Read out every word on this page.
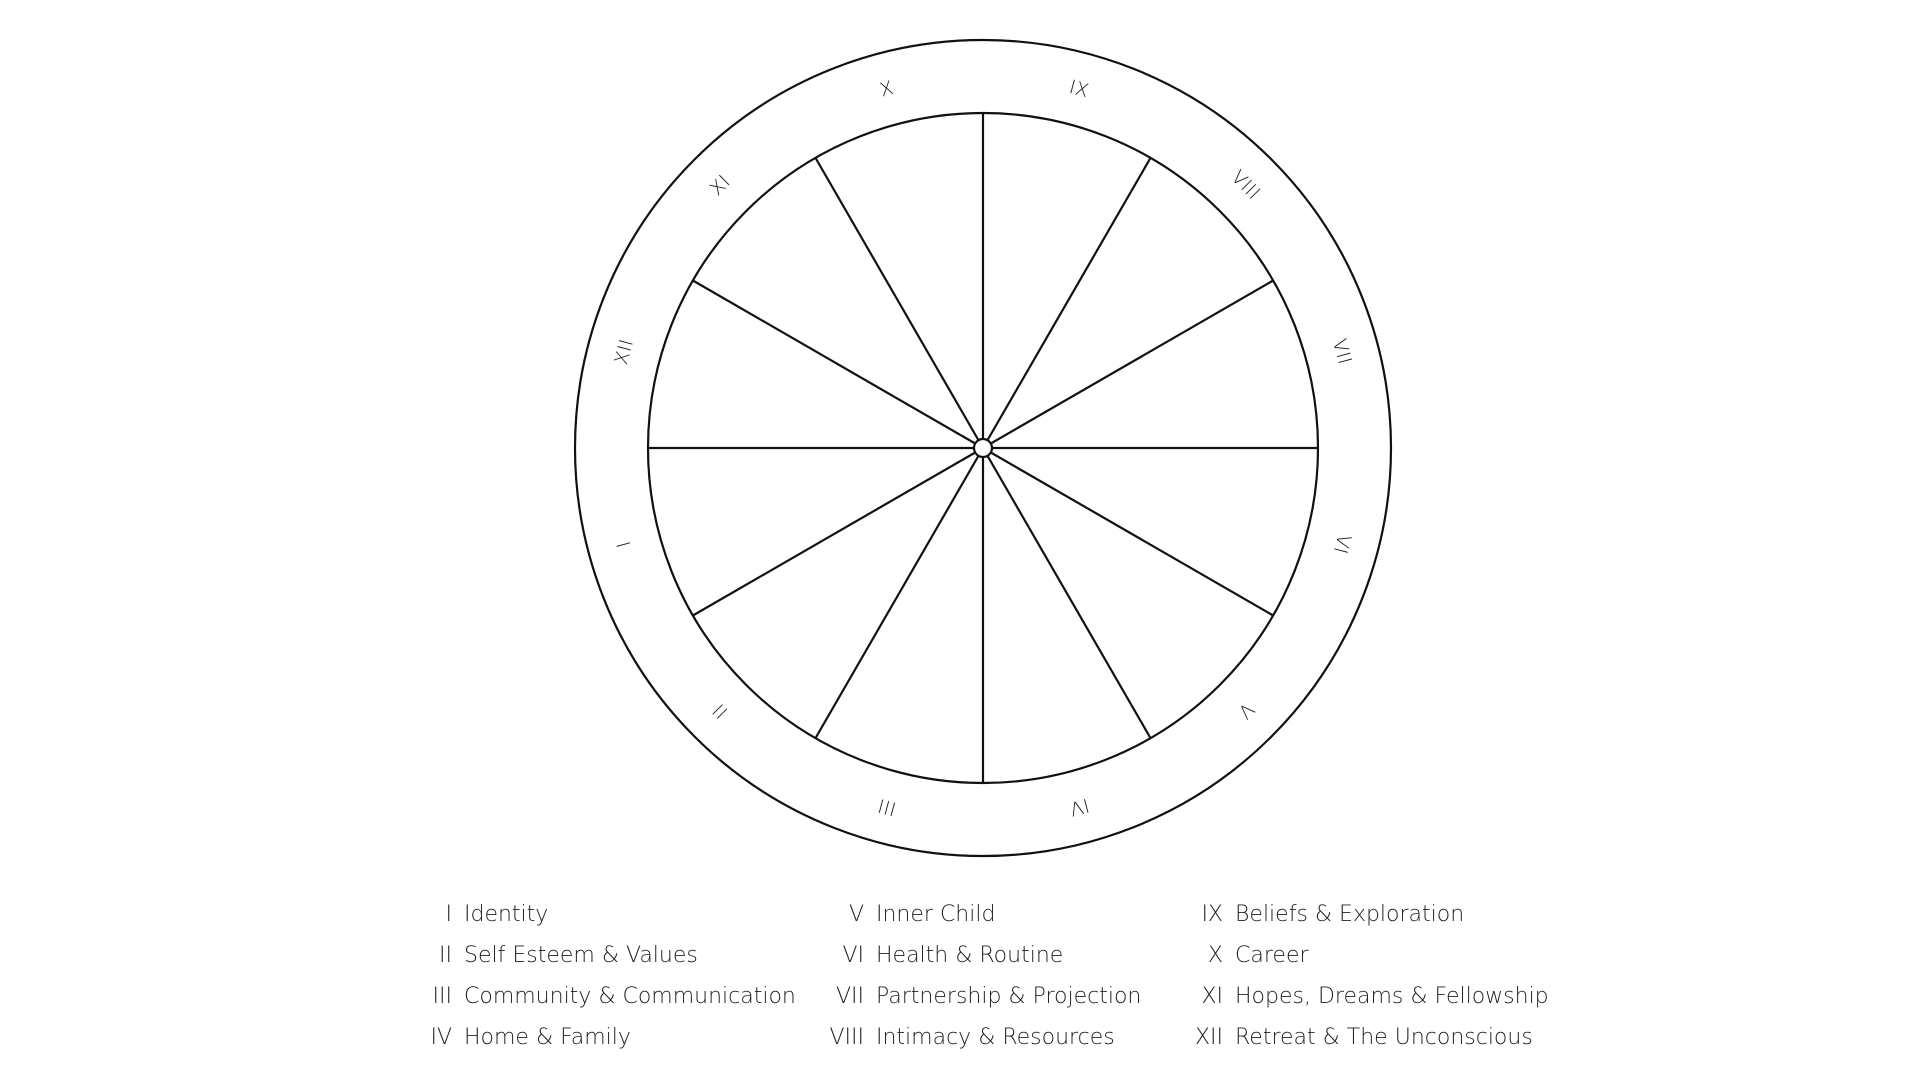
I
II
III	IV
V
VI
VII
VIII
IX
X
XI
XII
I Identity
II Self Esteem & Values
III Community & Communication
IV Home & Family
V Inner Child
VI Health & Routine
VII Partnership & Projection
VIII Intimacy & Resources
IX Beliefs & Exploration
X Career
XI Hopes, Dreams & Fellowship
XII Retreat & The Unconscious
